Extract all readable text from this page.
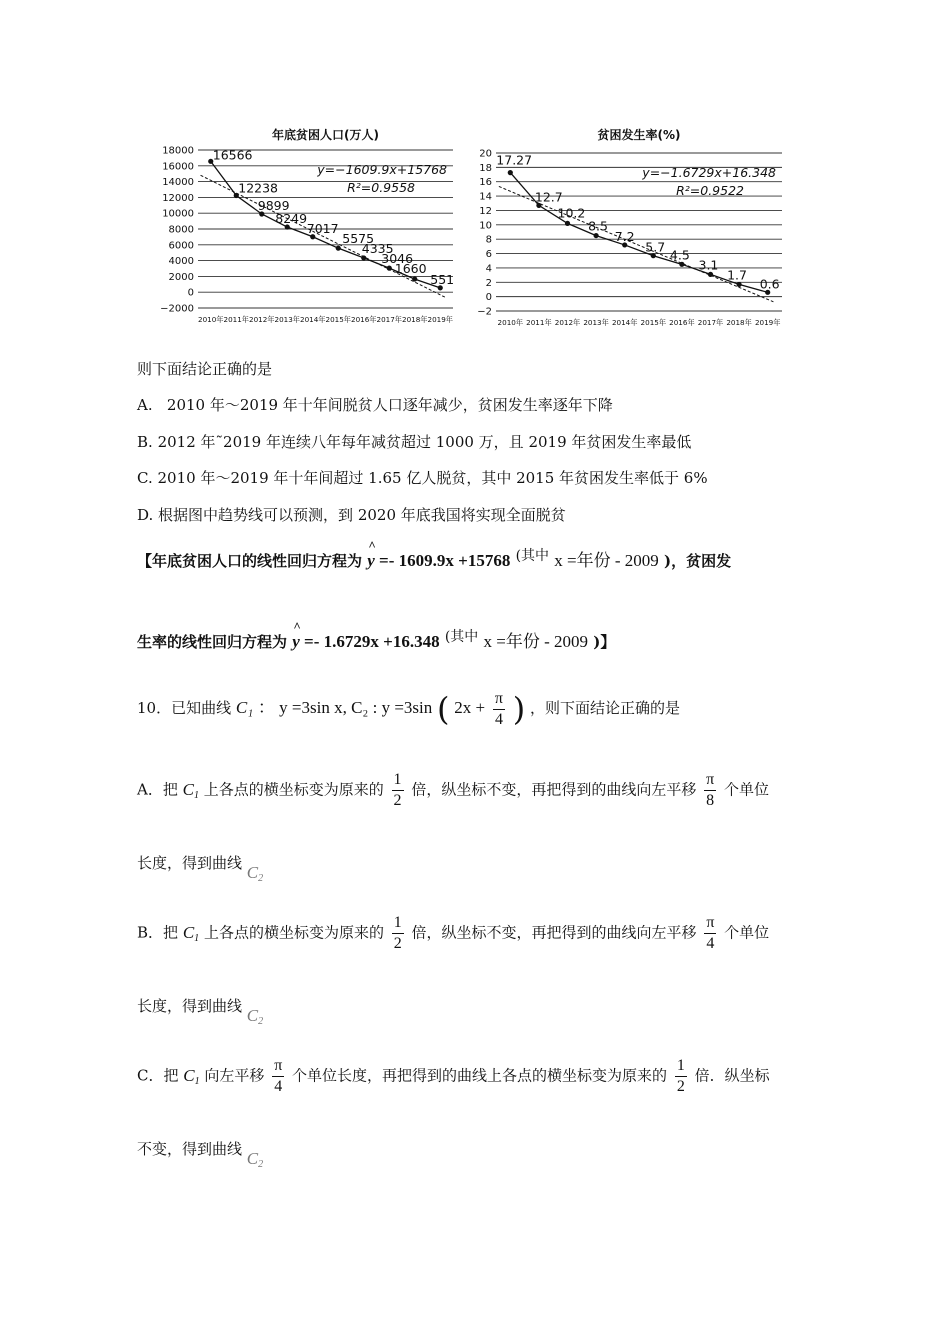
年底贫困人口(万人)
18000
16000
14000
12000
10000
8000
6000
4000
2000
0
−2000
2010年 2011年 2012年 2013年 2014年 2015年 2016年 2017年 2018年 2019年
16566
12238
9899
8249
7017
5575
4335
3046
1660
551
y=−1609.9x+15768
R²=0.9558
贫困发生率(%)
20
18
16
14
12
10
8
6
4
2
0
−2
2010年 2011年 2012年 2013年 2014年 2015年 2016年 2017年 2018年 2019年
17.27
12.7
10.2
8.5
7.2
5.7
4.5
3.1
1.7
0.6
y=−1.6729x+16.348
R²=0.9522
则下面结论正确的是
A. 2010 年～2019 年十年间脱贫人口逐年减少，贫困发生率逐年下降
B. 2012 年˜2019 年连续八年每年减贫超过 1000 万，且 2019 年贫困发生率最低
C. 2010 年～2019 年十年间超过 1.65 亿人脱贫，其中 2015 年贫困发生率低于 6%
D. 根据图中趋势线可以预测，到 2020 年底我国将实现全面脱贫
【年底贫困人口的线性回归方程为 ^ y =- 1609.9x +15768 (其中 x =年份 - 2009 )，贫困发
生率的线性回归方程为 ^ y =- 1.6729x +16.348 (其中 x =年份 - 2009 )】
10．已知曲线 C₁ ： y =3sin x, C₂ : y =3sin ( $2x + \frac{\pi}{4}$ ) ，则下面结论正确的是
A．把 $C_1$ 上各点的横坐标变为原来的 $\frac{1}{2}$ 倍，纵坐标不变，再把得到的曲线向左平移 $\frac{\pi}{8}$ 个单位
长度，得到曲线 $C_2$
B．把 $C_1$ 上各点的横坐标变为原来的 $\frac{1}{2}$ 倍，纵坐标不变，再把得到的曲线向左平移 $\frac{\pi}{4}$ 个单位
长度，得到曲线 $C_2$
C．把 $C_1$ 向左平移 $\frac{\pi}{4}$ 个单位长度，再把得到的曲线上各点的横坐标变为原来的 $\frac{1}{2}$ 倍．纵坐标
不变，得到曲线 $C_2$
